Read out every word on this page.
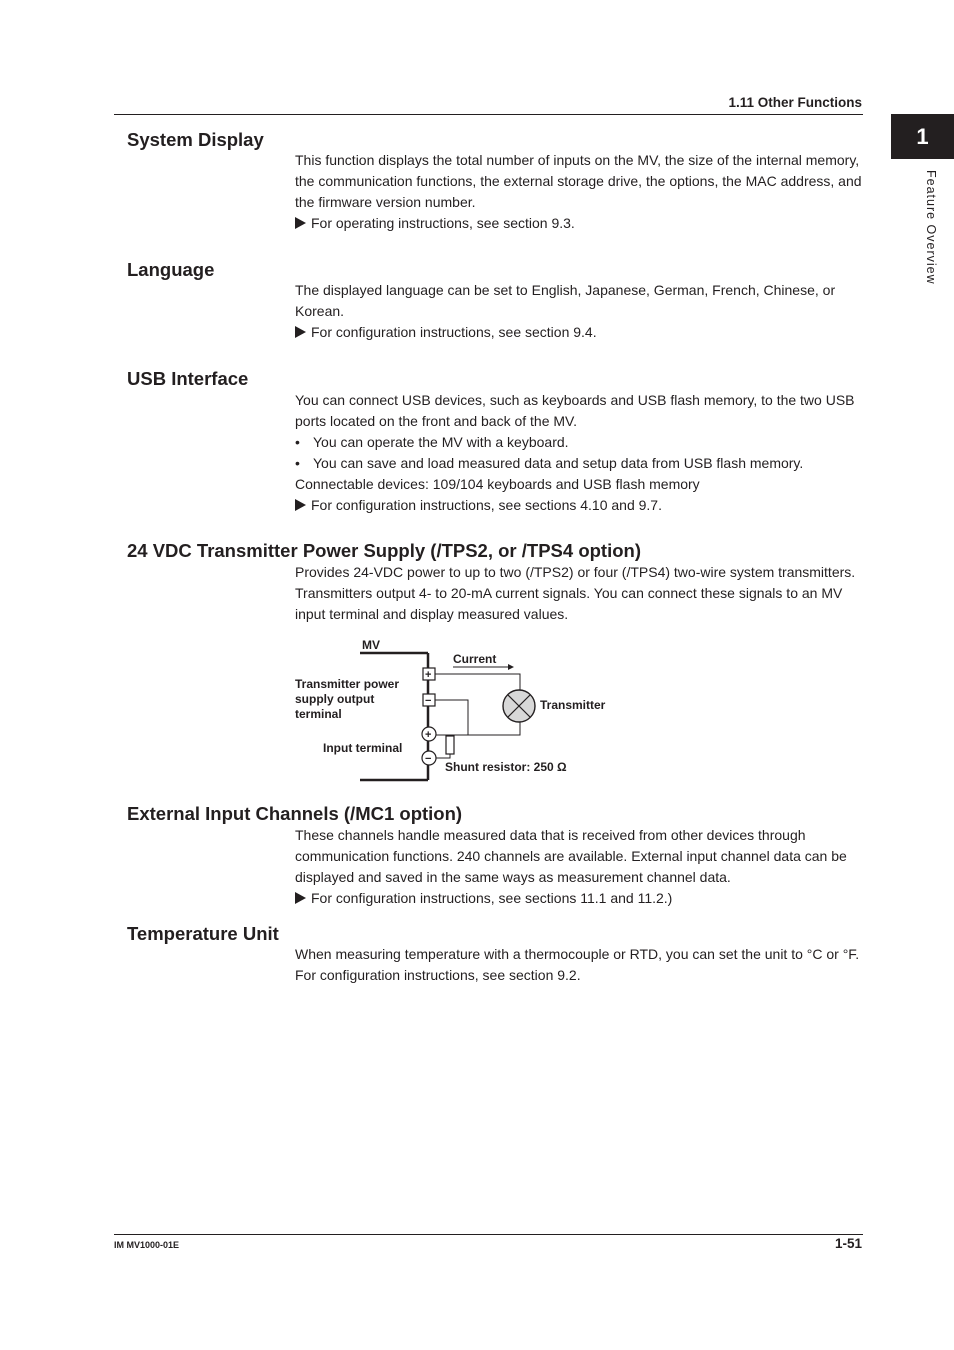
1.11 Other Functions
1
Feature Overview
System Display

This function displays the total number of inputs on the MV, the size of the internal memory, the communication functions, the external storage drive, the options, the MAC address, and the firmware version number.

For operating instructions, see section 9.3.

Language

The displayed language can be set to English, Japanese, German, French, Chinese, or Korean.

For configuration instructions, see section 9.4.

USB Interface

You can connect USB devices, such as keyboards and USB flash memory, to the two USB ports located on the front and back of the MV.

• You can operate the MV with a keyboard.

• You can save and load measured data and setup data from USB flash memory.

Connectable devices: 109/104 keyboards and USB flash memory

For configuration instructions, see sections 4.10 and 9.7.

24 VDC Transmitter Power Supply (/TPS2, or /TPS4 option)

Provides 24-VDC power to up to two (/TPS2) or four (/TPS4) two-wire system transmitters. Transmitters output 4- to 20-mA current signals. You can connect these signals to an MV input terminal and display measured values.

MV
+
−
+
−
Current
Transmitter
Transmitter power
supply output
terminal
Input terminal
Shunt resistor: 250 Ω
External Input Channels (/MC1 option)

These channels handle measured data that is received from other devices through communication functions. 240 channels are available. External input channel data can be displayed and saved in the same ways as measurement channel data.

For configuration instructions, see sections 11.1 and 11.2.)

Temperature Unit

When measuring temperature with a thermocouple or RTD, you can set the unit to °C or °F.

For configuration instructions, see section 9.2.

IM MV1000-01E	1-51
